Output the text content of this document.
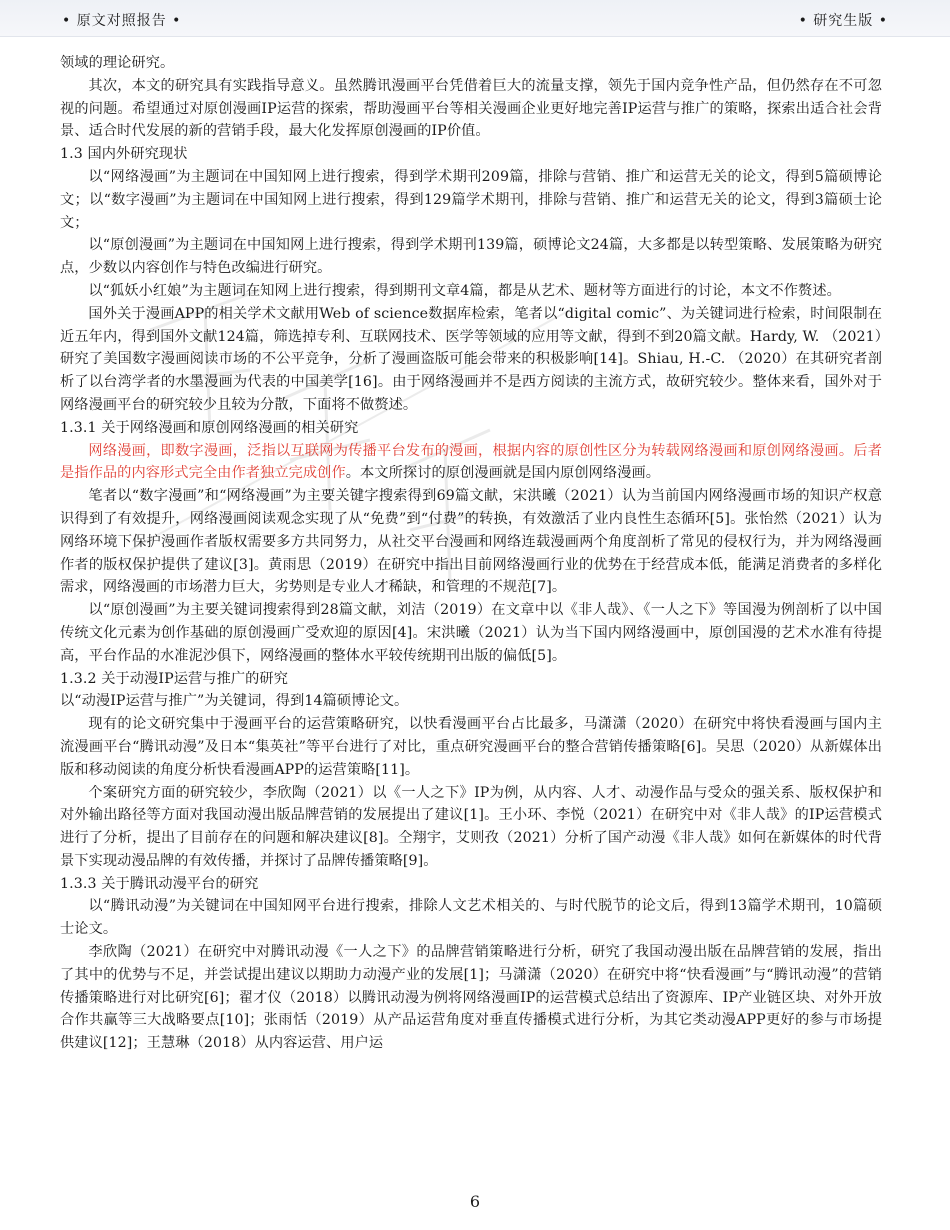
• 原文对照报告 •	• 研究生版 •

领域的理论研究。

其次，本文的研究具有实践指导意义。虽然腾讯漫画平台凭借着巨大的流量支撑，领先于国内竞争性产品，但仍然存在不可忽视的问题。希望通过对原创漫画IP运营的探索，帮助漫画平台等相关漫画企业更好地完善IP运营与推广的策略，探索出适合社会背景、适合时代发展的新的营销手段，最大化发挥原创漫画的IP价值。

1.3 国内外研究现状

以“网络漫画”为主题词在中国知网上进行搜索，得到学术期刊209篇，排除与营销、推广和运营无关的论文，得到5篇硕博论文；以“数字漫画”为主题词在中国知网上进行搜索，得到129篇学术期刊，排除与营销、推广和运营无关的论文，得到3篇硕士论文；

以“原创漫画”为主题词在中国知网上进行搜索，得到学术期刊139篇，硕博论文24篇，大多都是以转型策略、发展策略为研究点，少数以内容创作与特色改编进行研究。

以“狐妖小红娘”为主题词在知网上进行搜索，得到期刊文章4篇，都是从艺术、题材等方面进行的讨论，本文不作赘述。

国外关于漫画APP的相关学术文献用Web of science数据库检索，笔者以“digital comic”、为关键词进行检索，时间限制在近五年内，得到国外文献124篇，筛选掉专利、互联网技术、医学等领域的应用等文献，得到不到20篇文献。Hardy, W. （2021）研究了美国数字漫画阅读市场的不公平竞争，分析了漫画盗版可能会带来的积极影响[14]。Shiau, H.-C. （2020）在其研究者剖析了以台湾学者的水墨漫画为代表的中国美学[16]。由于网络漫画并不是西方阅读的主流方式，故研究较少。整体来看，国外对于网络漫画平台的研究较少且较为分散，下面将不做赘述。

1.3.1 关于网络漫画和原创网络漫画的相关研究

网络漫画，即数字漫画，泛指以互联网为传播平台发布的漫画，根据内容的原创性区分为转载网络漫画和原创网络漫画。后者是指作品的内容形式完全由作者独立完成创作。本文所探讨的原创漫画就是国内原创网络漫画。

笔者以“数字漫画”和“网络漫画”为主要关键字搜索得到69篇文献，宋洪曦（2021）认为当前国内网络漫画市场的知识产权意识得到了有效提升，网络漫画阅读观念实现了从“免费”到“付费”的转换，有效激活了业内良性生态循环[5]。张怡然（2021）认为网络环境下保护漫画作者版权需要多方共同努力，从社交平台漫画和网络连载漫画两个角度剖析了常见的侵权行为，并为网络漫画作者的版权保护提供了建议[3]。黄雨思（2019）在研究中指出目前网络漫画行业的优势在于经营成本低，能满足消费者的多样化需求，网络漫画的市场潜力巨大，劣势则是专业人才稀缺，和管理的不规范[7]。

以“原创漫画”为主要关键词搜索得到28篇文献，刘洁（2019）在文章中以《非人哉》、《一人之下》等国漫为例剖析了以中国传统文化元素为创作基础的原创漫画广受欢迎的原因[4]。宋洪曦（2021）认为当下国内网络漫画中，原创国漫的艺术水准有待提高，平台作品的水准泥沙俱下，网络漫画的整体水平较传统期刊出版的偏低[5]。

1.3.2 关于动漫IP运营与推广的研究

以“动漫IP运营与推广”为关键词，得到14篇硕博论文。

现有的论文研究集中于漫画平台的运营策略研究，以快看漫画平台占比最多，马潇潇（2020）在研究中将快看漫画与国内主流漫画平台“腾讯动漫”及日本“集英社”等平台进行了对比，重点研究漫画平台的整合营销传播策略[6]。吴思（2020）从新媒体出版和移动阅读的角度分析快看漫画APP的运营策略[11]。

个案研究方面的研究较少，李欣陶（2021）以《一人之下》IP为例，从内容、人才、动漫作品与受众的强关系、版权保护和对外输出路径等方面对我国动漫出版品牌营销的发展提出了建议[1]。王小环、李悦（2021）在研究中对《非人哉》的IP运营模式进行了分析，提出了目前存在的问题和解决建议[8]。仝翔宇，艾则孜（2021）分析了国产动漫《非人哉》如何在新媒体的时代背景下实现动漫品牌的有效传播，并探讨了品牌传播策略[9]。

1.3.3 关于腾讯动漫平台的研究

以“腾讯动漫”为关键词在中国知网平台进行搜索，排除人文艺术相关的、与时代脱节的论文后，得到13篇学术期刊，10篇硕士论文。

李欣陶（2021）在研究中对腾讯动漫《一人之下》的品牌营销策略进行分析，研究了我国动漫出版在品牌营销的发展，指出了其中的优势与不足，并尝试提出建议以期助力动漫产业的发展[1]；马潇潇（2020）在研究中将“快看漫画”与“腾讯动漫”的营销传播策略进行对比研究[6]；翟才仪（2018）以腾讯动漫为例将网络漫画IP的运营模式总结出了资源库、IP产业链区块、对外开放合作共赢等三大战略要点[10]；张雨恬（2019）从产品运营角度对垂直传播模式进行分析，为其它类动漫APP更好的参与市场提供建议[12]；王慧琳（2018）从内容运营、用户运

6
